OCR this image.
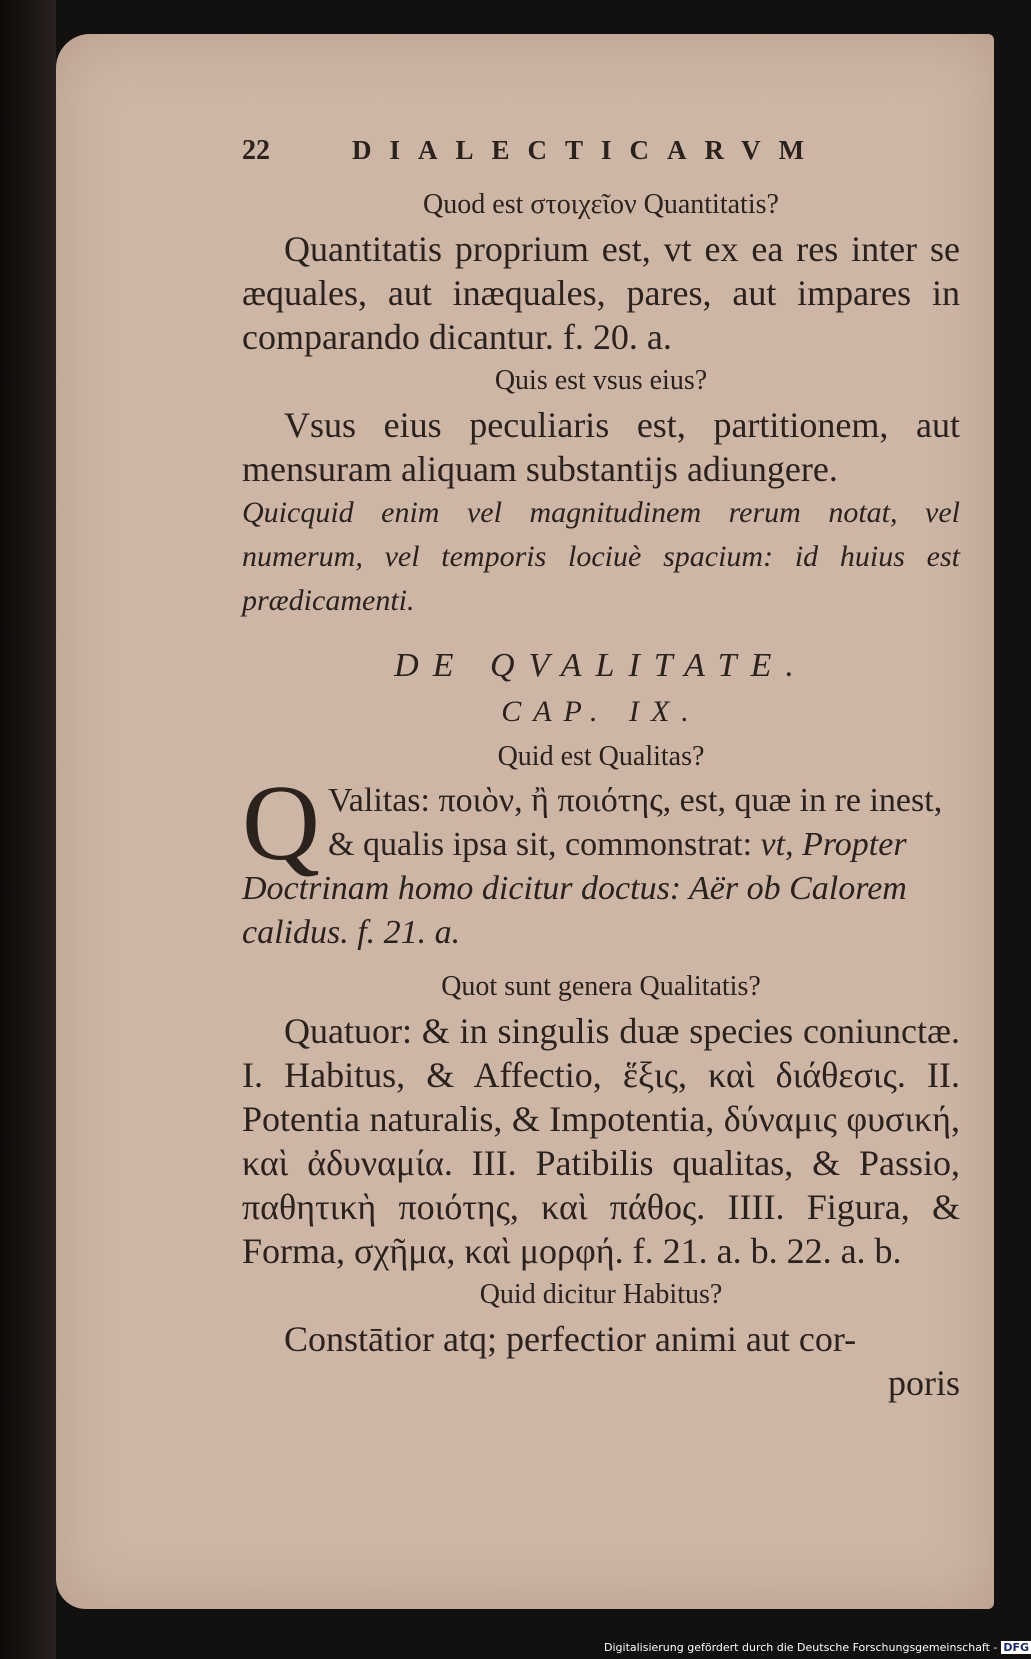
22	DIALECTICARVM

Quod est στοιχεῖον Quantitatis?

Quantitatis proprium est, vt ex ea res inter se æquales, aut inæquales, pares, aut impares in comparando dicantur. f. 20. a.

Quis est vsus eius?

Vsus eius peculiaris est, partitionem, aut mensuram aliquam substantijs adiungere.

Quicquid enim vel magnitudinem rerum notat, vel numerum, vel temporis lociuè spacium: id huius est prædicamenti.

DE QVALITATE.

CAP. IX.

Quid est Qualitas?

Q Valitas: ποιὸν, ἢ ποιότης, est, quæ in re inest, & qualis ipsa sit, commonstrat: vt, Propter Doctrinam homo dicitur doctus: Aër ob Calorem calidus. f. 21. a.

Quot sunt genera Qualitatis?

Quatuor: & in singulis duæ species coniunctæ. I. Habitus, & Affectio, ἕξις, καὶ διάθεσις. II. Potentia naturalis, & Impotentia, δύναμις φυσική, καὶ ἀδυναμία. III. Patibilis qualitas, & Passio, παθητικὴ ποιότης, καὶ πάθος. IIII. Figura, & Forma, σχῆμα, καὶ μορφή. f. 21. a. b. 22. a. b.

Quid dicitur Habitus?

Constātior atq; perfectior animi aut cor-

poris

Digitalisierung gefördert durch die Deutsche Forschungsgemeinschaft - DFG
